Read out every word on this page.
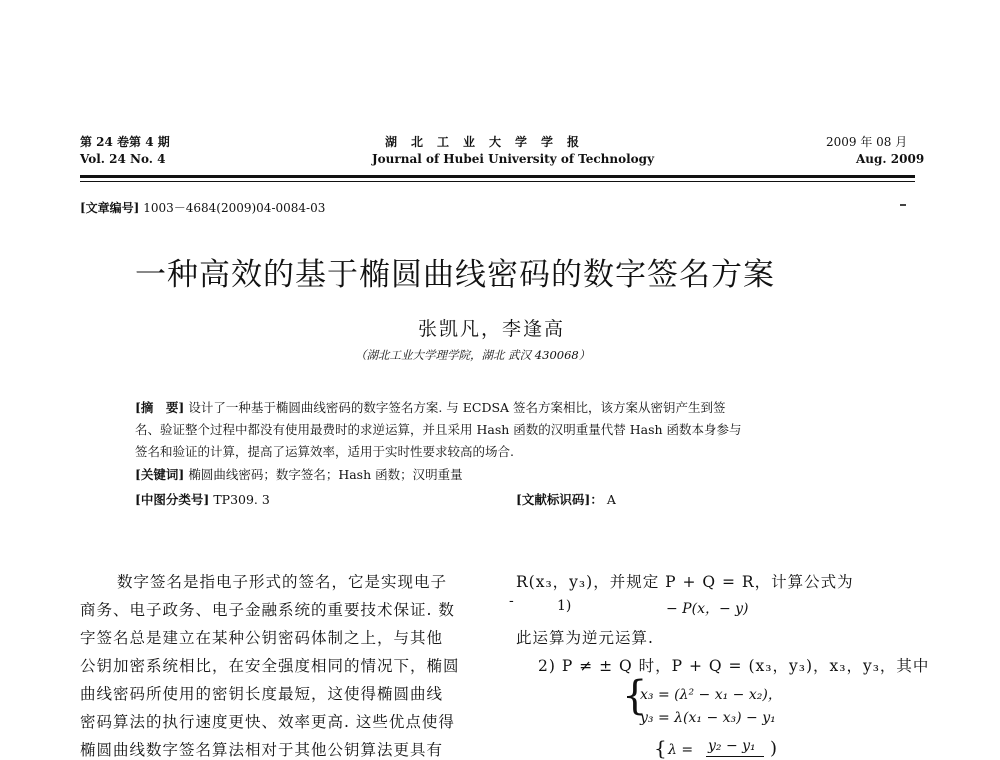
第 24 卷第 4 期
Vol. 24 No. 4
湖　北　工　业　大　学　学　报
Journal of Hubei University of Technology
2009 年 08 月
Aug. 2009
[文章编号] 1003－4684(2009)04-0084-03
一种高效的基于椭圆曲线密码的数字签名方案
张凯凡，李逢高
（湖北工业大学理学院，湖北 武汉 430068）
[摘　要] 设计了一种基于椭圆曲线密码的数字签名方案. 与 ECDSA 签名方案相比，该方案从密钥产生到签
名、验证整个过程中都没有使用最费时的求逆运算，并且采用 Hash 函数的汉明重量代替 Hash 函数本身参与
签名和验证的计算，提高了运算效率，适用于实时性要求较高的场合.
[关键词] 椭圆曲线密码；数字签名；Hash 函数；汉明重量
[中图分类号] TP309. 3	[文献标识码]： A
数字签名是指电子形式的签名，它是实现电子
商务、电子政务、电子金融系统的重要技术保证. 数
字签名总是建立在某种公钥密码体制之上，与其他
公钥加密系统相比，在安全强度相同的情况下，椭圆
曲线密码所使用的密钥长度最短，这使得椭圆曲线
密码算法的执行速度更快、效率更高. 这些优点使得
椭圆曲线数字签名算法相对于其他公钥算法更具有
R(x₃，y₃)，并规定 P + Q = R，计算公式为
-	1)	− P(x，− y)
此运算为逆元运算.
2) P ≠ ± Q 时，P + Q = (x₃，y₃)，x₃，y₃，其中
{
x₃ = (λ² − x₁ − x₂)，
y₃ = λ(x₁ − x₃) − y₁
{ λ = y₂ − y₁ )
